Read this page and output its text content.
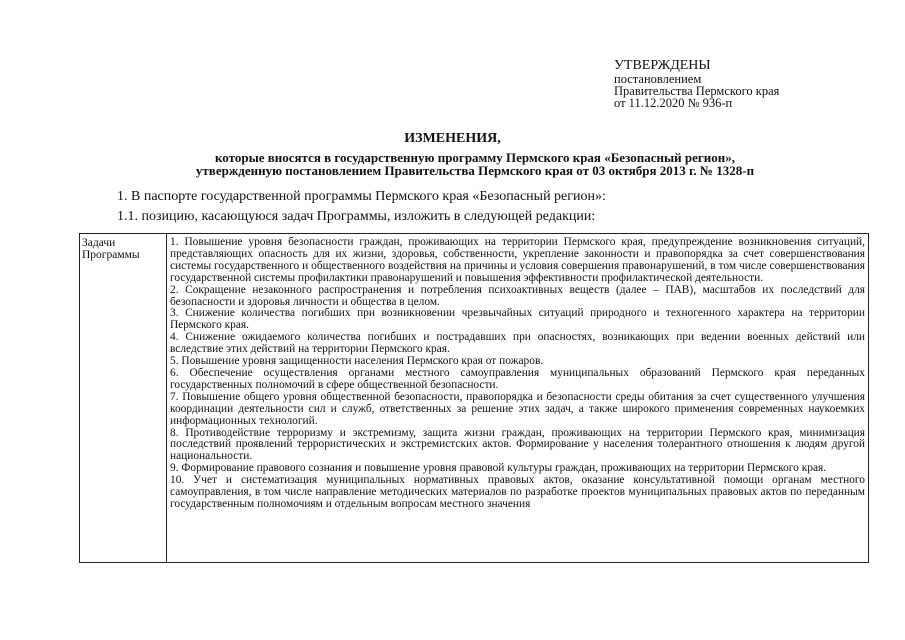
УТВЕРЖДЕНЫ
постановлением
Правительства Пермского края
от 11.12.2020 № 936-п
ИЗМЕНЕНИЯ,
которые вносятся в государственную программу Пермского края «Безопасный регион»,
утвержденную постановлением Правительства Пермского края от 03 октября 2013 г. № 1328-п
1. В паспорте государственной программы Пермского края «Безопасный регион»:
1.1. позицию, касающуюся задач Программы, изложить в следующей редакции:
Задачи
Программы

1. Повышение уровня безопасности граждан, проживающих на территории Пермского края, предупреждение возникновения ситуаций, представляющих опасность для их жизни, здоровья, собственности, укрепление законности и правопорядка за счет совершенствования системы государственного и общественного воздействия на причины и условия совершения правонарушений, в том числе совершенствования государственной системы профилактики правонарушений и повышения эффективности профилактической деятельности.

2. Сокращение незаконного распространения и потребления психоактивных веществ (далее – ПАВ), масштабов их последствий для безопасности и здоровья личности и общества в целом.

3. Снижение количества погибших при возникновении чрезвычайных ситуаций природного и техногенного характера на территории Пермского края.

4. Снижение ожидаемого количества погибших и пострадавших при опасностях, возникающих при ведении военных действий или вследствие этих действий на территории Пермского края.

5. Повышение уровня защищенности населения Пермского края от пожаров.

6. Обеспечение осуществления органами местного самоуправления муниципальных образований Пермского края переданных государственных полномочий в сфере общественной безопасности.

7. Повышение общего уровня общественной безопасности, правопорядка и безопасности среды обитания за счет существенного улучшения координации деятельности сил и служб, ответственных за решение этих задач, а также широкого применения современных наукоемких информационных технологий.

8. Противодействие терроризму и экстремизму, защита жизни граждан, проживающих на территории Пермского края, минимизация последствий проявлений террористических и экстремистских актов. Формирование у населения толерантного отношения к людям другой национальности.

9. Формирование правового сознания и повышение уровня правовой культуры граждан, проживающих на территории Пермского края.

10. Учет и систематизация муниципальных нормативных правовых актов, оказание консультативной помощи органам местного самоуправления, в том числе направление методических материалов по разработке проектов муниципальных правовых актов по переданным государственным полномочиям и отдельным вопросам местного значения
